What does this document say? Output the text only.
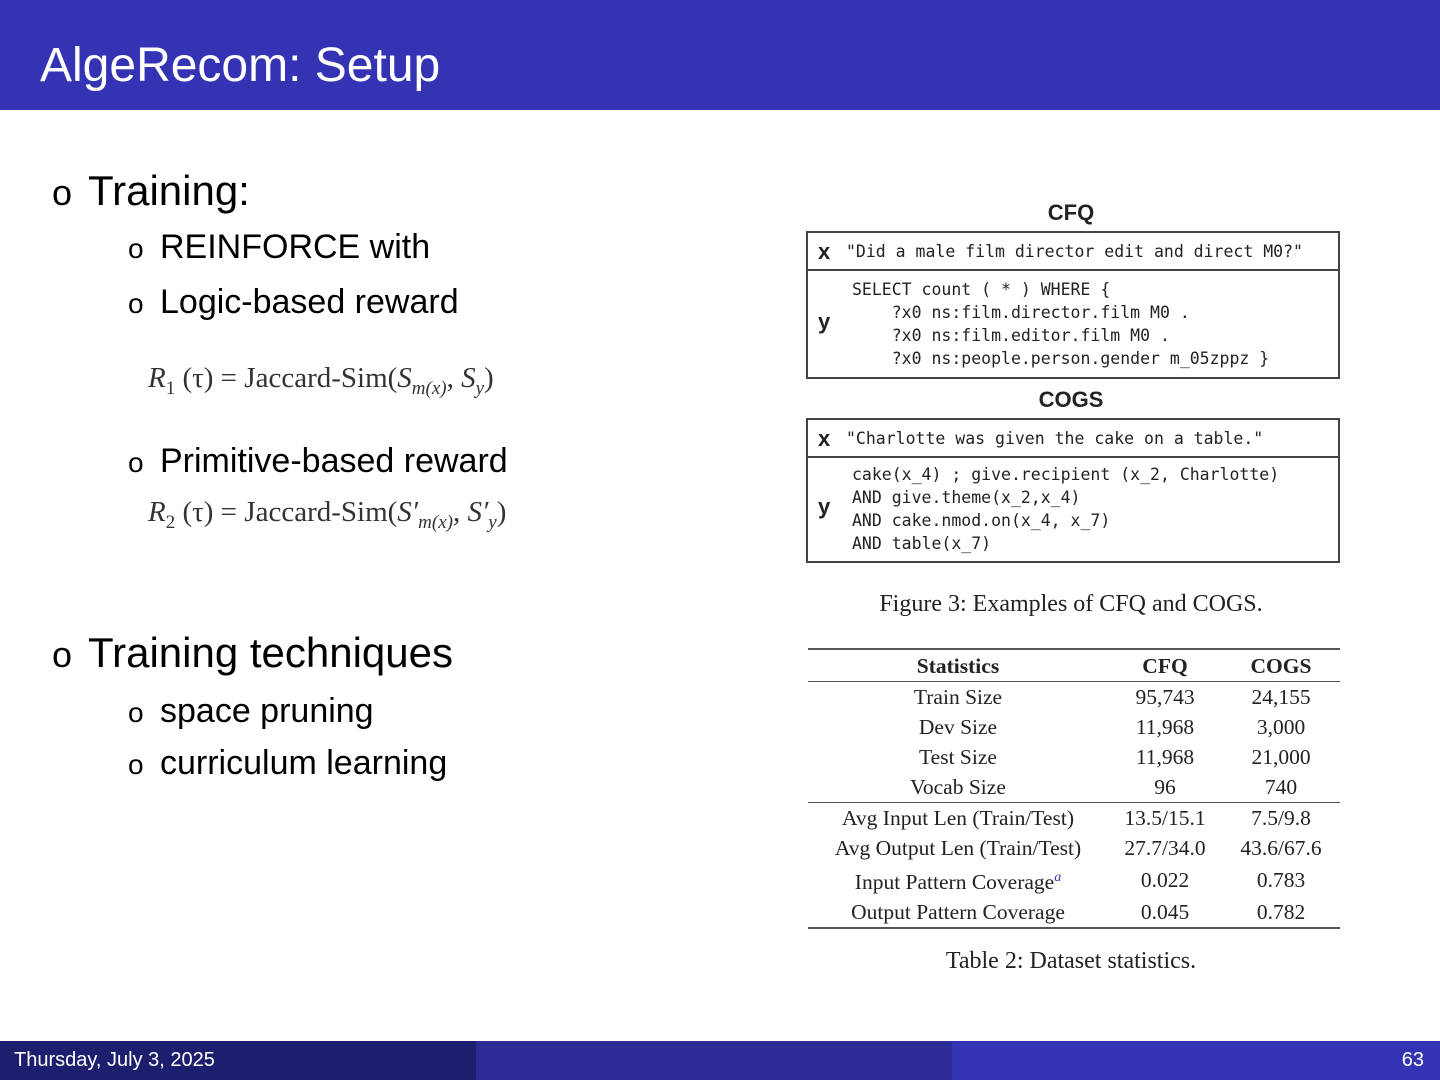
AlgeRecom: Setup
o Training:
o REINFORCE with
o Logic-based reward
$R_1$ (τ) = Jaccard-$Sim(S_{m(x)}$, $S_y$)
o Primitive-based reward
$R_2$ (τ) = Jaccard-$Sim(S'_{m(x)}$, $S'_y$)
o Training techniques
o space pruning
o curriculum learning
CFQ
x "Did a male film director edit and direct M0?"
y
SELECT count ( * ) WHERE {
?x0 ns:film.director.film M0 .
?x0 ns:film.editor.film M0 .
?x0 ns:people.person.gender m_05zppz }
COGS
x "Charlotte was given the cake on a table."
y
cake(x_4) ; give.recipient (x_2, Charlotte)
AND give.theme(x_2,x_4)
AND cake.nmod.on(x_4, x_7)
AND table(x_7)
Figure 3: Examples of CFQ and COGS.
Statistics	CFQ	COGS
Train Size	95,743	24,155
Dev Size	11,968	3,000
Test Size	11,968	21,000
Vocab Size	96	740
Avg Input Len (Train/Test)	13.5/15.1	7.5/9.8
Avg Output Len (Train/Test)	27.7/34.0	43.6/67.6
Input Pattern Coverage$^a$	0.022	0.783
Output Pattern Coverage	0.045	0.782
Table 2: Dataset statistics.
Thursday, July 3, 2025	63
